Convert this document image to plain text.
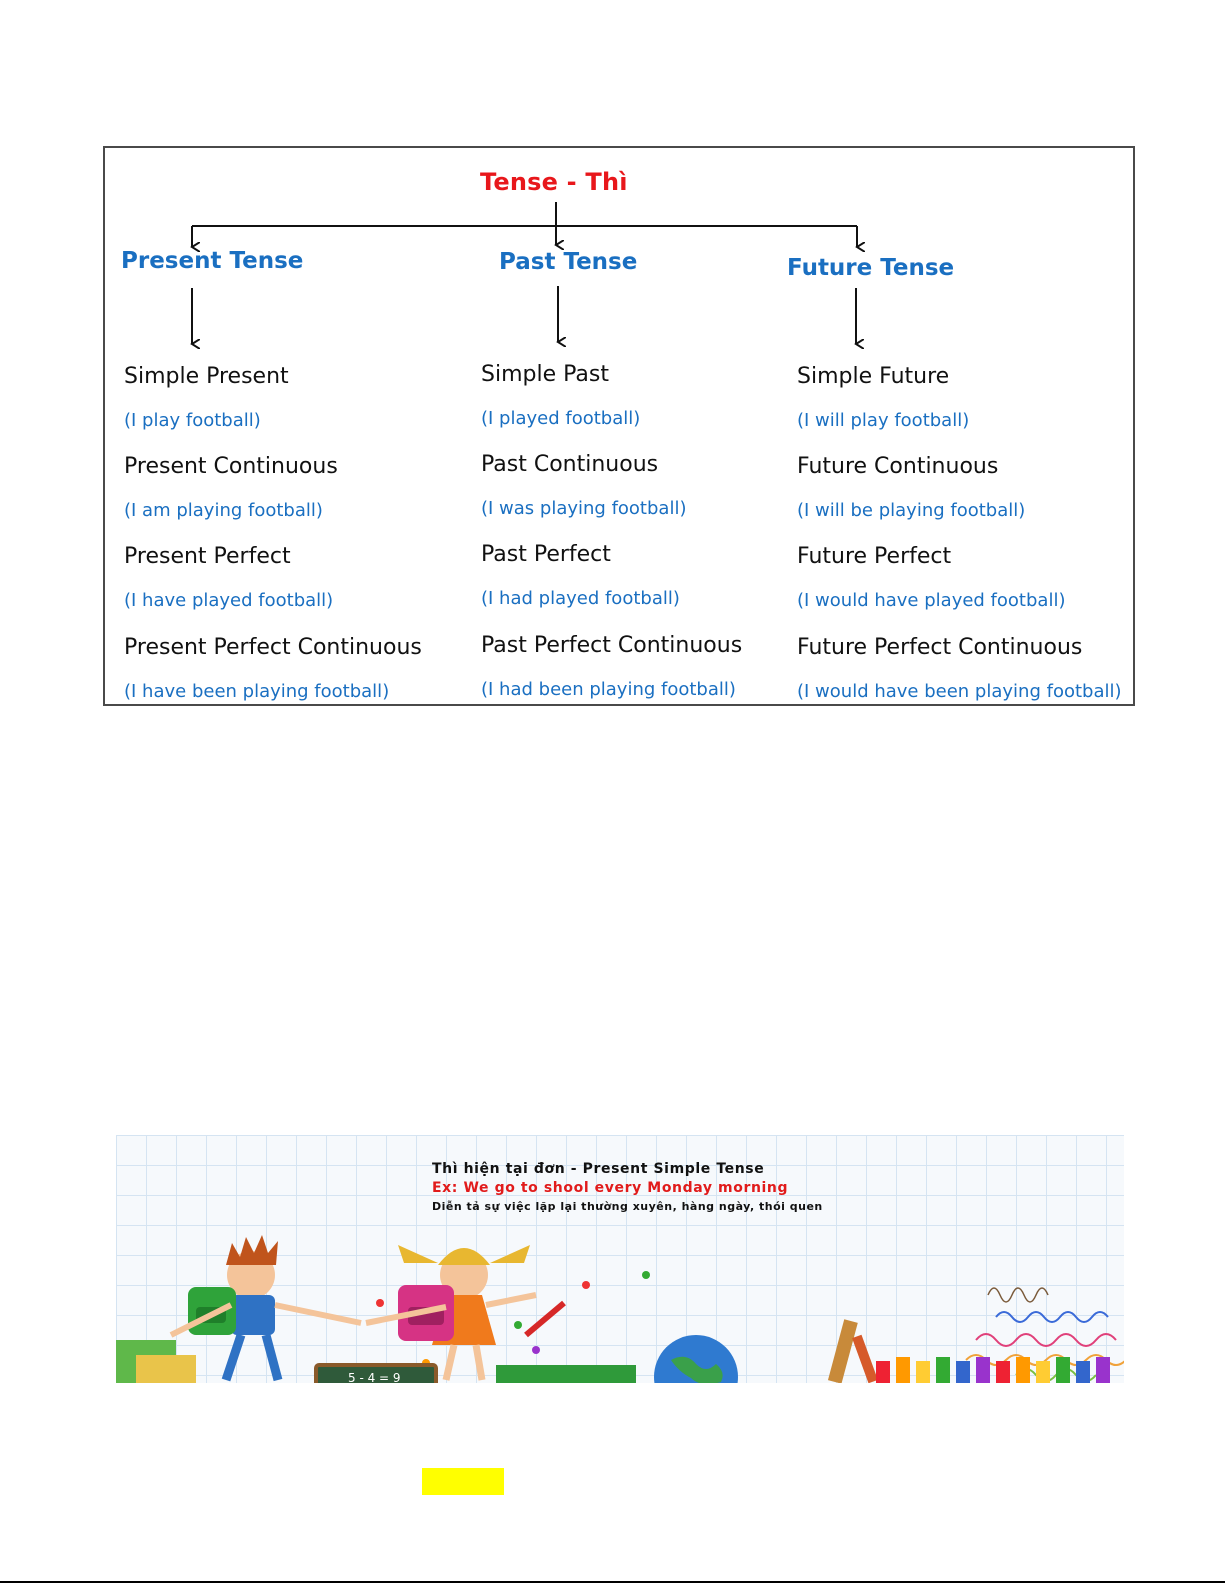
Tense - Thì
Present Tense	Past Tense	Future Tense
Simple Present
(I play football)
Present Continuous
(I am playing football)
Present Perfect
(I have played football)
Present Perfect Continuous
(I have been playing football)
Simple Past
(I played football)
Past Continuous
(I was playing football)
Past Perfect
(I had played football)
Past Perfect Continuous
(I had been playing football)
Simple Future
(I will play football)
Future Continuous
(I will be playing football)
Future Perfect
(I would have played football)
Future Perfect Continuous
(I would have been playing football)
5 - 4 = 9
Thì hiện tại đơn - Present Simple Tense
Ex: We go to shool every Monday morning
Diễn tả sự việc lặp lại thường xuyên, hàng ngày, thói quen
